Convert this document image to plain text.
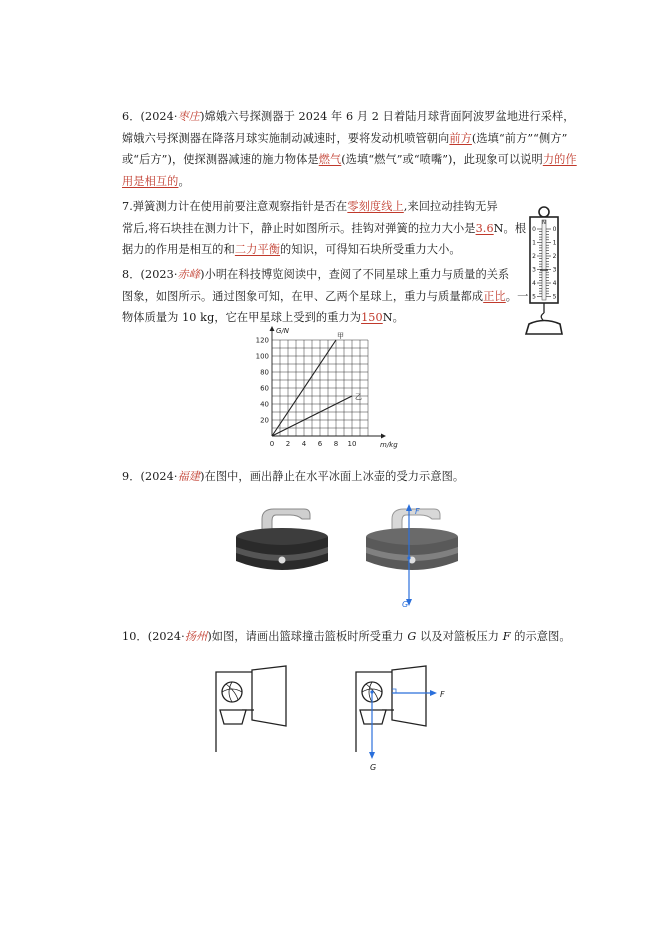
6．(2024·枣庄)嫦娥六号探测器于 2024 年 6 月 2 日着陆月球背面阿波罗盆地进行采样，
嫦娥六号探测器在降落月球实施制动减速时，要将发动机喷管朝向前方(选填“前方”“侧方”
或“后方”)，使探测器减速的施力物体是燃气(选填“燃气”或“喷嘴”)，此现象可以说明力的作
用是相互的。
7.弹簧测力计在使用前要注意观察指针是否在零刻度线上,来回拉动挂钩无异
常后,将石块挂在测力计下，静止时如图所示。挂钩对弹簧的拉力大小是3.6N。根
据力的作用是相互的和二力平衡的知识，可得知石块所受重力大小。
N
0
1
2
3
4
5
0
1
2
3
4
5
8．(2023·赤峰)小明在科技博览阅读中，查阅了不同星球上重力与质量的关系
图象，如图所示。通过图象可知，在甲、乙两个星球上，重力与质量都成正比。一
物体质量为 10 kg，它在甲星球上受到的重力为150N。
m/kg
G/N
0 2 4 6 8 10
20
40
60
80
100
120
甲
乙
9．(2024·福建)在图中，画出静止在水平冰面上冰壶的受力示意图。
F
G
10．(2024·扬州)如图，请画出篮球撞击篮板时所受重力 G 以及对篮板压力 F 的示意图。
F
G
